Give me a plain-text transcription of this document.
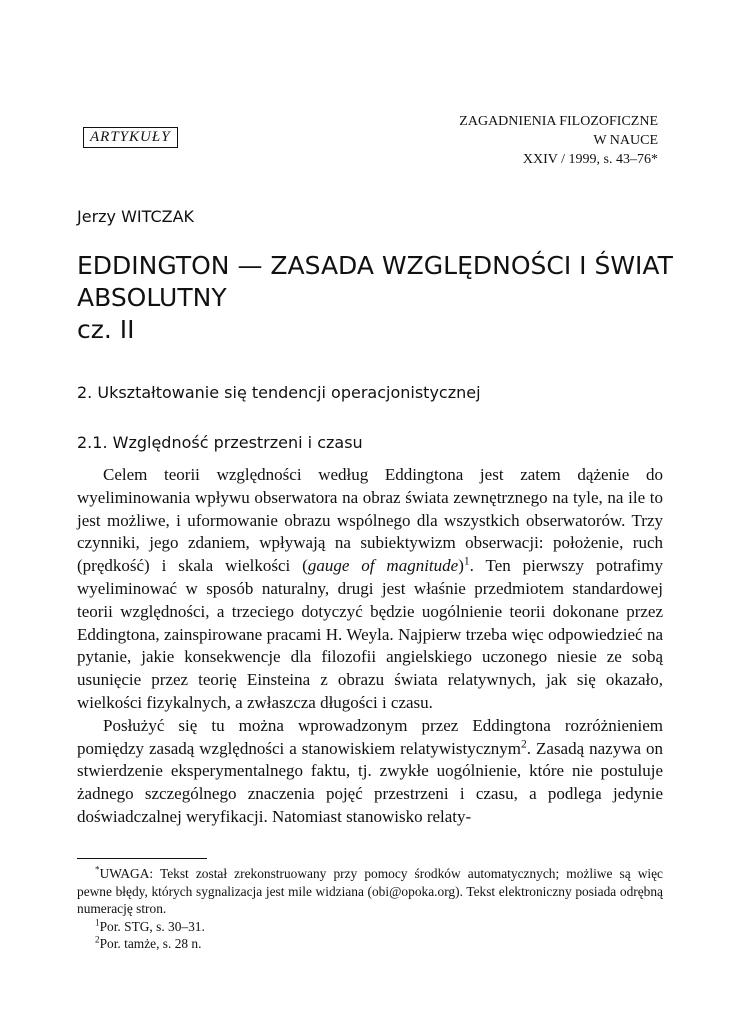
ARTYKUŁY
ZAGADNIENIA FILOZOFICZNE
W NAUCE
XXIV / 1999, s. 43–76*
Jerzy WITCZAK
EDDINGTON — ZASADA WZGLĘDNOŚCI I ŚWIAT
ABSOLUTNY
cz. II
2. Ukształtowanie się tendencji operacjonistycznej
2.1. Względność przestrzeni i czasu

Celem teorii względności według Eddingtona jest zatem dążenie do wyeliminowania wpływu obserwatora na obraz świata zewnętrznego na tyle, na ile to jest możliwe, i uformowanie obrazu wspólnego dla wszystkich obserwatorów. Trzy czynniki, jego zdaniem, wpływają na subiektywizm obserwacji: położenie, ruch (prędkość) i skala wielkości (gauge of magnitude)$^1$. Ten pierwszy potrafimy wyeliminować w sposób naturalny, drugi jest właśnie przedmiotem standardowej teorii względności, a trzeciego dotyczyć będzie uogólnienie teorii dokonane przez Eddingtona, zainspirowane pracami H. Weyla. Najpierw trzeba więc odpowiedzieć na pytanie, jakie konsekwencje dla filozofii angielskiego uczonego niesie ze sobą usunięcie przez teorię Einsteina z obrazu świata relatywnych, jak się okazało, wielkości fizykalnych, a zwłaszcza długości i czasu.

Posłużyć się tu można wprowadzonym przez Eddingtona rozróżnieniem pomiędzy zasadą względności a stanowiskiem relatywistycznym$^2$. Zasadą nazywa on stwierdzenie eksperymentalnego faktu, tj. zwykłe uogólnienie, które nie postuluje żadnego szczególnego znaczenia pojęć przestrzeni i czasu, a podlega jedynie doświadczalnej weryfikacji. Natomiast stanowisko relaty-

*UWAGA: Tekst został zrekonstruowany przy pomocy środków automatycznych; możliwe są więc pewne błędy, których sygnalizacja jest mile widziana (obi@opoka.org). Tekst elektroniczny posiada odrębną numerację stron.

$^1$Por. STG, s. 30–31.

$^2$Por. tamże, s. 28 n.
